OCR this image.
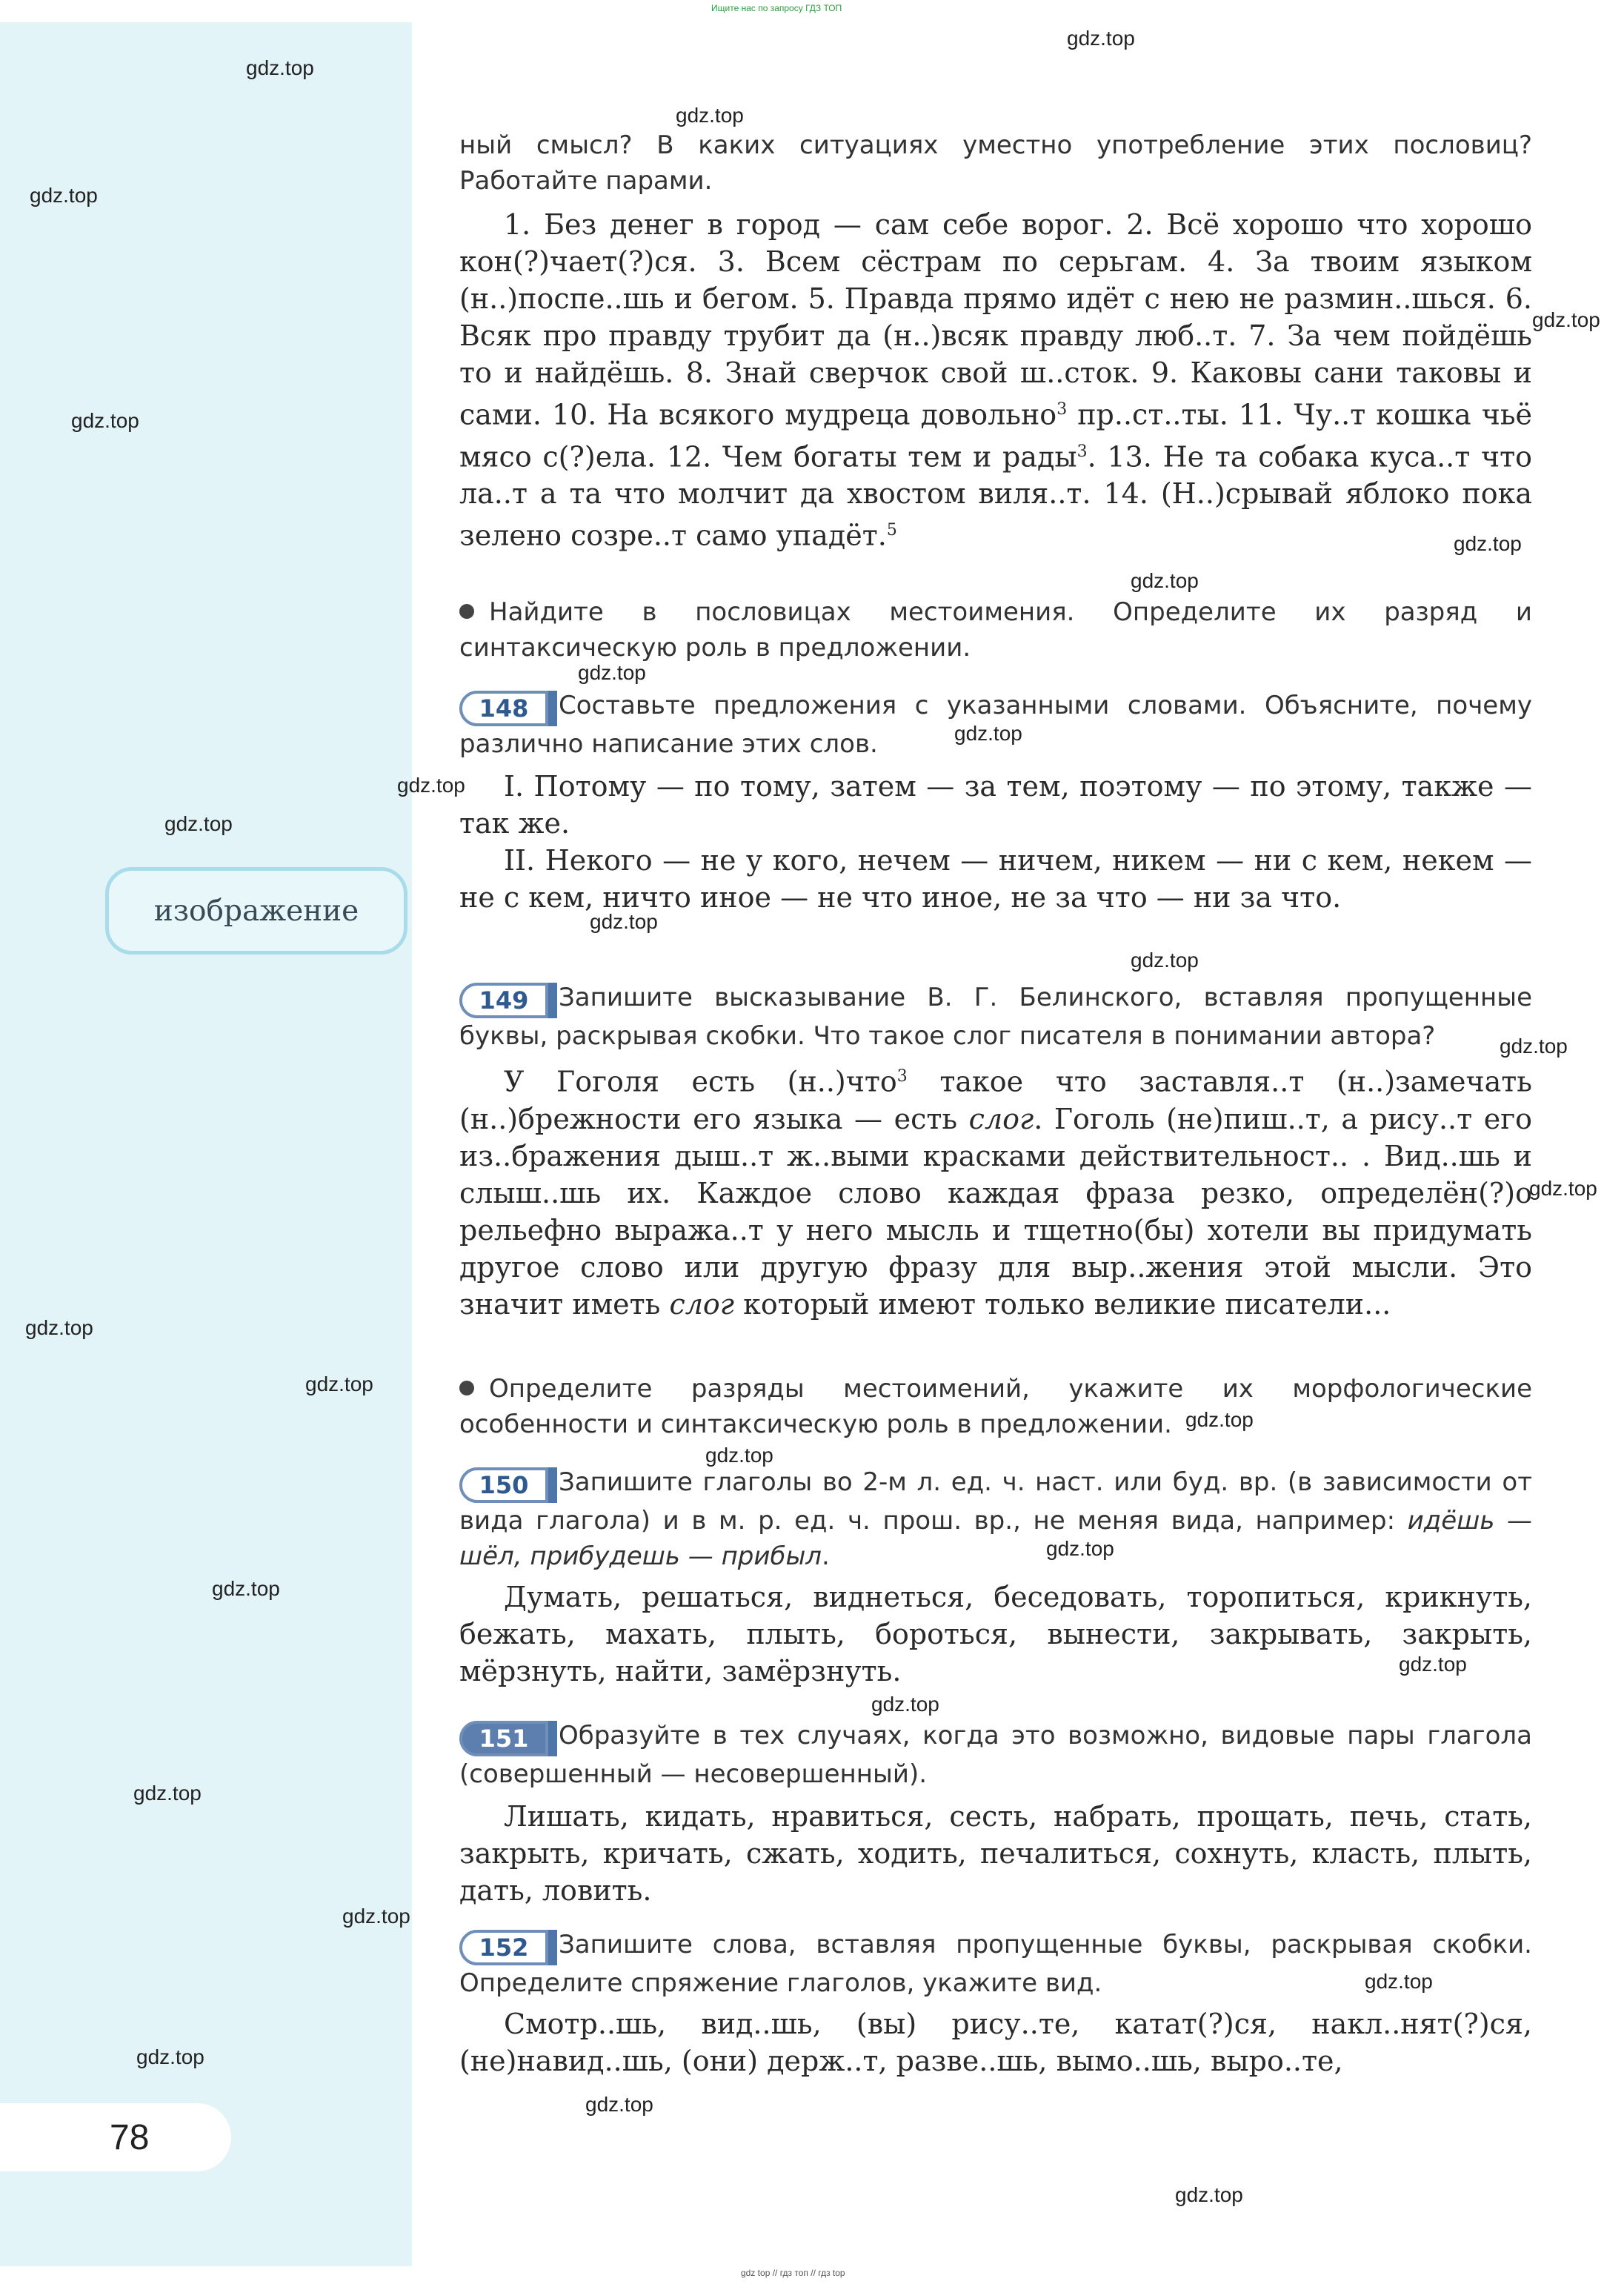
Ищите нас по запросу ГДЗ ТОП
изображение
78
ный смысл? В каких ситуациях уместно употребление этих пословиц? Работайте парами.
1. Без денег в город — сам себе ворог. 2. Всё хорошо что хорошо кон(?)чает(?)ся. 3. Всем сёстрам по серьгам. 4. За твоим языком (н..)поспе..шь и бегом. 5. Правда прямо идёт с нею не размин..шься. 6. Всяк про правду трубит да (н..)всяк правду люб..т. 7. За чем пойдёшь то и найдёшь. 8. Знай сверчок свой ш..сток. 9. Каковы сани таковы и сами. 10. На всякого мудреца довольно$^3$ пр..ст..ты. 11. Чу..т кошка чьё мясо с(?)ела. 12. Чем богаты тем и рады$^3$. 13. Не та собака куса..т что ла..т а та что молчит да хвостом виля..т. 14. (Н..)срывай яблоко пока зелено созре..т само упадёт.$^5$
Найдите в пословицах местоимения. Определите их разряд и синтаксическую роль в предложении.
148 Составьте предложения с указанными словами. Объясните, почему различно написание этих слов.
I. Потому — по тому, затем — за тем, поэтому — по этому, также — так же.
II. Некого — не у кого, нечем — ничем, никем — ни с кем, некем — не с кем, ничто иное — не что иное, не за что — ни за что.
149 Запишите высказывание В. Г. Белинского, вставляя пропущенные буквы, раскрывая скобки. Что такое слог писателя в понимании автора?
У Гоголя есть (н..)что$^3$ такое что заставля..т (н..)замечать (н..)брежности его языка — есть слог. Гоголь (не)пиш..т, а рису..т его из..бражения дыш..т ж..выми красками действительност.. . Вид..шь и слыш..шь их. Каждое слово каждая фраза резко, определён(?)о рельефно выража..т у него мысль и тщетно(бы) хотели вы придумать другое слово или другую фразу для выр..жения этой мысли. Это значит иметь слог который имеют только великие писатели...
Определите разряды местоимений, укажите их морфологические особенности и синтаксическую роль в предложении.
150 Запишите глаголы во 2-м л. ед. ч. наст. или буд. вр. (в зависимости от вида глагола) и в м. р. ед. ч. прош. вр., не меняя вида, например: идёшь — шёл, прибудешь — прибыл.
Думать, решаться, виднеться, беседовать, торопиться, крикнуть, бежать, махать, плыть, бороться, вынести, закрывать, закрыть, мёрзнуть, найти, замёрзнуть.
151 Образуйте в тех случаях, когда это возможно, видовые пары глагола (совершенный — несовершенный).
Лишать, кидать, нравиться, сесть, набрать, прощать, печь, стать, закрыть, кричать, сжать, ходить, печалиться, сохнуть, класть, плыть, дать, ловить.
152 Запишите слова, вставляя пропущенные буквы, раскрывая скобки. Определите спряжение глаголов, укажите вид.
Смотр..шь, вид..шь, (вы) рису..те, катат(?)ся, накл..нят(?)ся, (не)навид..шь, (они) держ..т, разве..шь, вымо..шь, выро..те,
gdz.top
gdz.top
gdz.top
gdz.top
gdz.top
gdz.top
gdz.top
gdz.top
gdz.top
gdz.top
gdz.top
gdz.top
gdz.top
gdz.top
gdz.top
gdz.top
gdz.top
gdz.top
gdz.top
gdz.top
gdz.top
gdz.top
gdz.top
gdz.top
gdz.top
gdz.top
gdz.top
gdz.top
gdz.top
gdz.top
gdz top // гдз топ // гдз top
